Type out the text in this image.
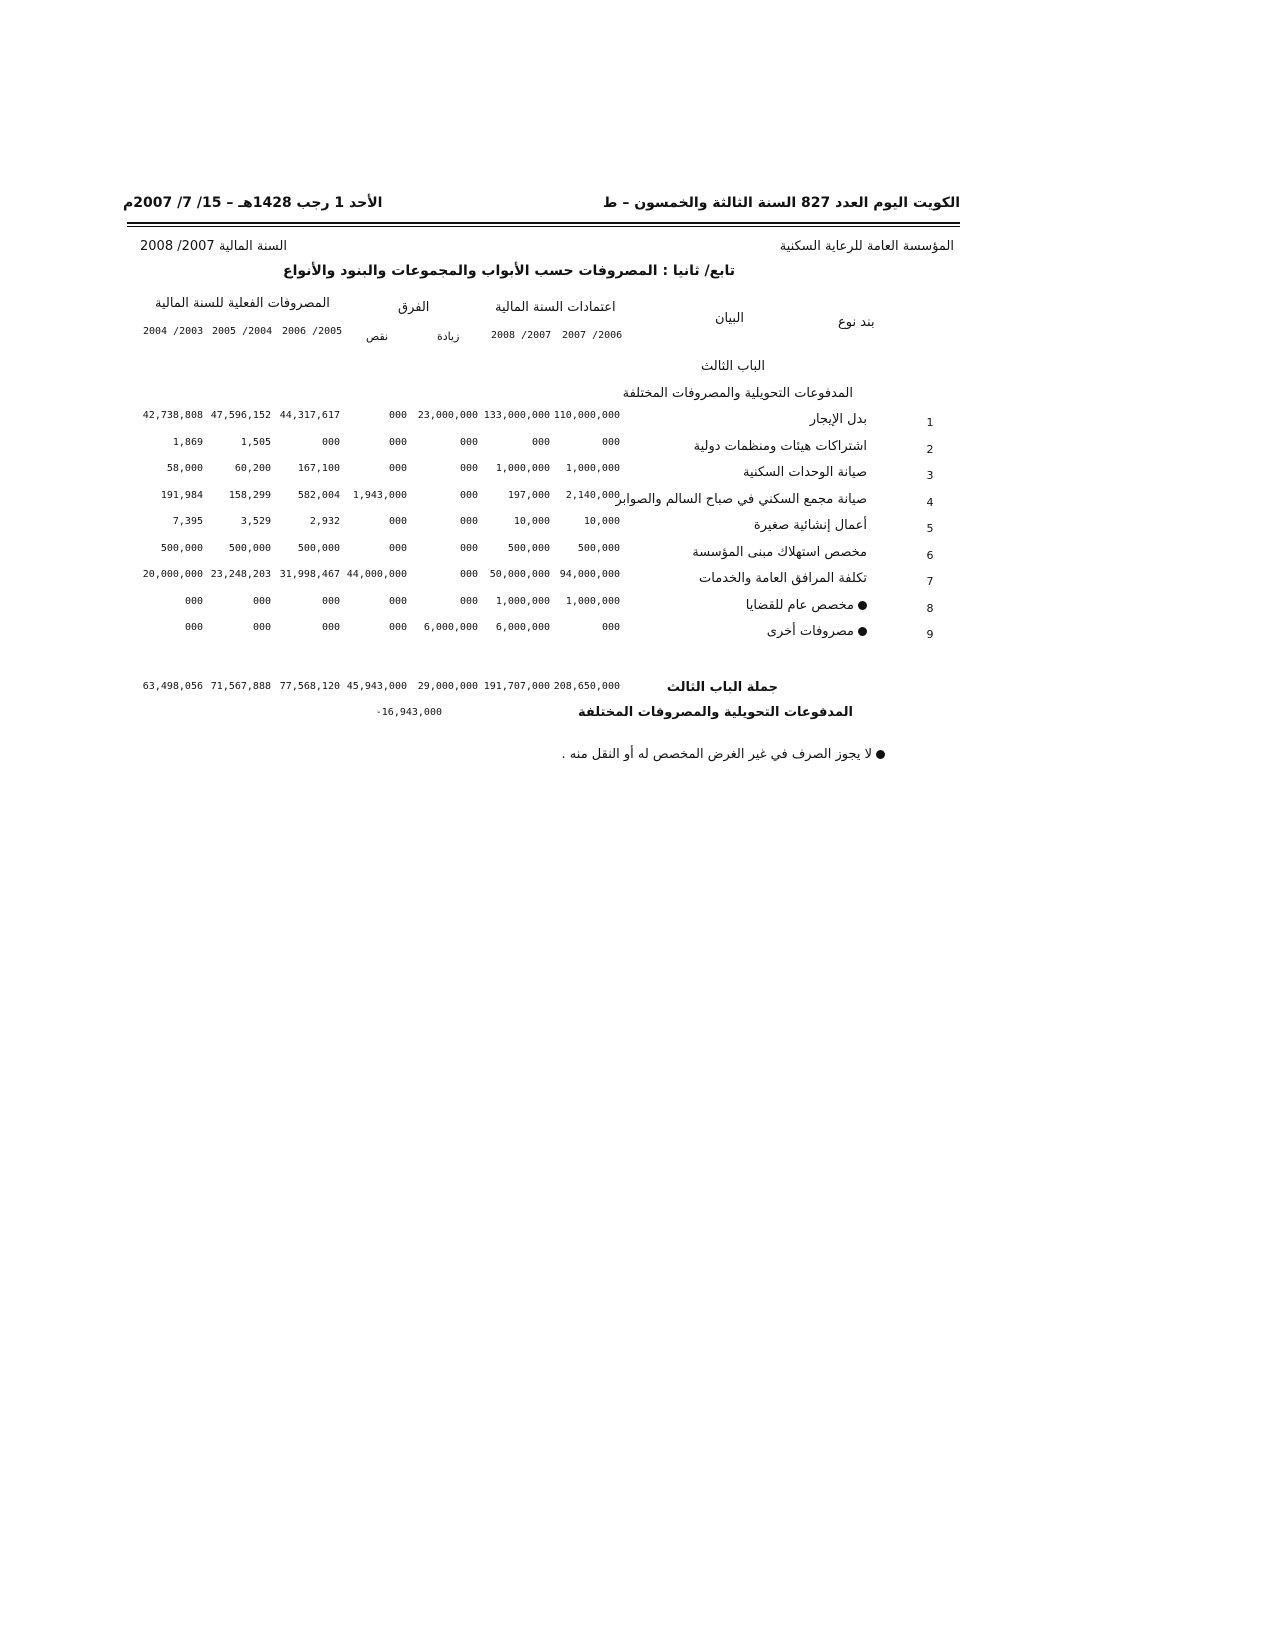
الكويت اليوم العدد 827 السنة الثالثة والخمسون – ط
الأحد 1 رجب 1428هـ – 15/ 7/ 2007م
المؤسسة العامة للرعاية السكنية
السنة المالية 2007/ 2008
تابع/ ثانيا : المصروفات حسب الأبواب والمجموعات والبنود والأنواع
بند نوع
البيان
اعتمادات السنة المالية
الفرق
المصروفات الفعلية للسنة المالية
2007 /2006
2008 /2007
زيادة
نقص
2006 /2005
2005 /2004
2004 /2003
الباب الثالث
المدفوعات التحويلية والمصروفات المختلفة
1
بدل الإيجار
110,000,000
133,000,000
23,000,000
000
44,317,617
47,596,152
42,738,808
2
اشتراكات هيئات ومنظمات دولية
000
000
000
000
000
1,505
1,869
3
صيانة الوحدات السكنية
1,000,000
1,000,000
000
000
167,100
60,200
58,000
4
صيانة مجمع السكني في صباح السالم والصوابر
2,140,000
197,000
000
1,943,000
582,004
158,299
191,984
5
أعمال إنشائية صغيرة
10,000
10,000
000
000
2,932
3,529
7,395
6
مخصص استهلاك مبنى المؤسسة
500,000
500,000
000
000
500,000
500,000
500,000
7
تكلفة المرافق العامة والخدمات
94,000,000
50,000,000
000
44,000,000
31,998,467
23,248,203
20,000,000
8
مخصص عام للقضايا
1,000,000
1,000,000
000
000
000
000
000
9
مصروفات أخرى
000
6,000,000
6,000,000
000
000
000
000
جملة الباب الثالث
المدفوعات التحويلية والمصروفات المختلفة
208,650,000
191,707,000
29,000,000
45,943,000
77,568,120
71,567,888
63,498,056
-16,943,000
لا يجوز الصرف في غير الغرض المخصص له أو النقل منه .
